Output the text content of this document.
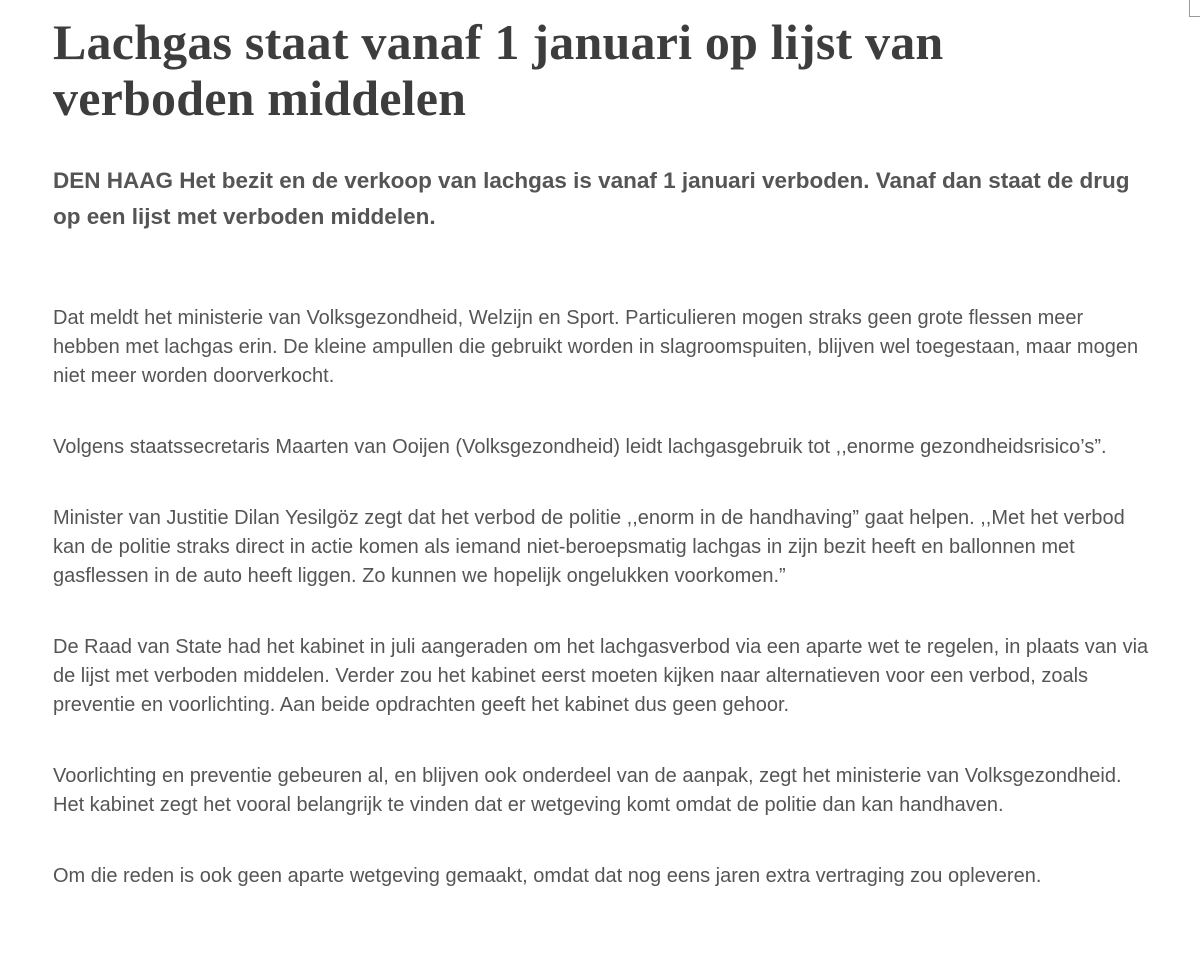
Lachgas staat vanaf 1 januari op lijst van verboden middelen

DEN HAAG Het bezit en de verkoop van lachgas is vanaf 1 januari verboden. Vanaf dan staat de drug op een lijst met verboden middelen.

Dat meldt het ministerie van Volksgezondheid, Welzijn en Sport. Particulieren mogen straks geen grote flessen meer hebben met lachgas erin. De kleine ampullen die gebruikt worden in slagroomspuiten, blijven wel toegestaan, maar mogen niet meer worden doorverkocht.

Volgens staatssecretaris Maarten van Ooijen (Volksgezondheid) leidt lachgasgebruik tot ,,enorme gezondheidsrisico’s”.

Minister van Justitie Dilan Yesilgöz zegt dat het verbod de politie ,,enorm in de handhaving” gaat helpen. ,,Met het verbod kan de politie straks direct in actie komen als iemand niet-beroepsmatig lachgas in zijn bezit heeft en ballonnen met gasflessen in de auto heeft liggen. Zo kunnen we hopelijk ongelukken voorkomen.”

De Raad van State had het kabinet in juli aangeraden om het lachgasverbod via een aparte wet te regelen, in plaats van via de lijst met verboden middelen. Verder zou het kabinet eerst moeten kijken naar alternatieven voor een verbod, zoals preventie en voorlichting. Aan beide opdrachten geeft het kabinet dus geen gehoor.

Voorlichting en preventie gebeuren al, en blijven ook onderdeel van de aanpak, zegt het ministerie van Volksgezondheid. Het kabinet zegt het vooral belangrijk te vinden dat er wetgeving komt omdat de politie dan kan handhaven.

Om die reden is ook geen aparte wetgeving gemaakt, omdat dat nog eens jaren extra vertraging zou opleveren.
